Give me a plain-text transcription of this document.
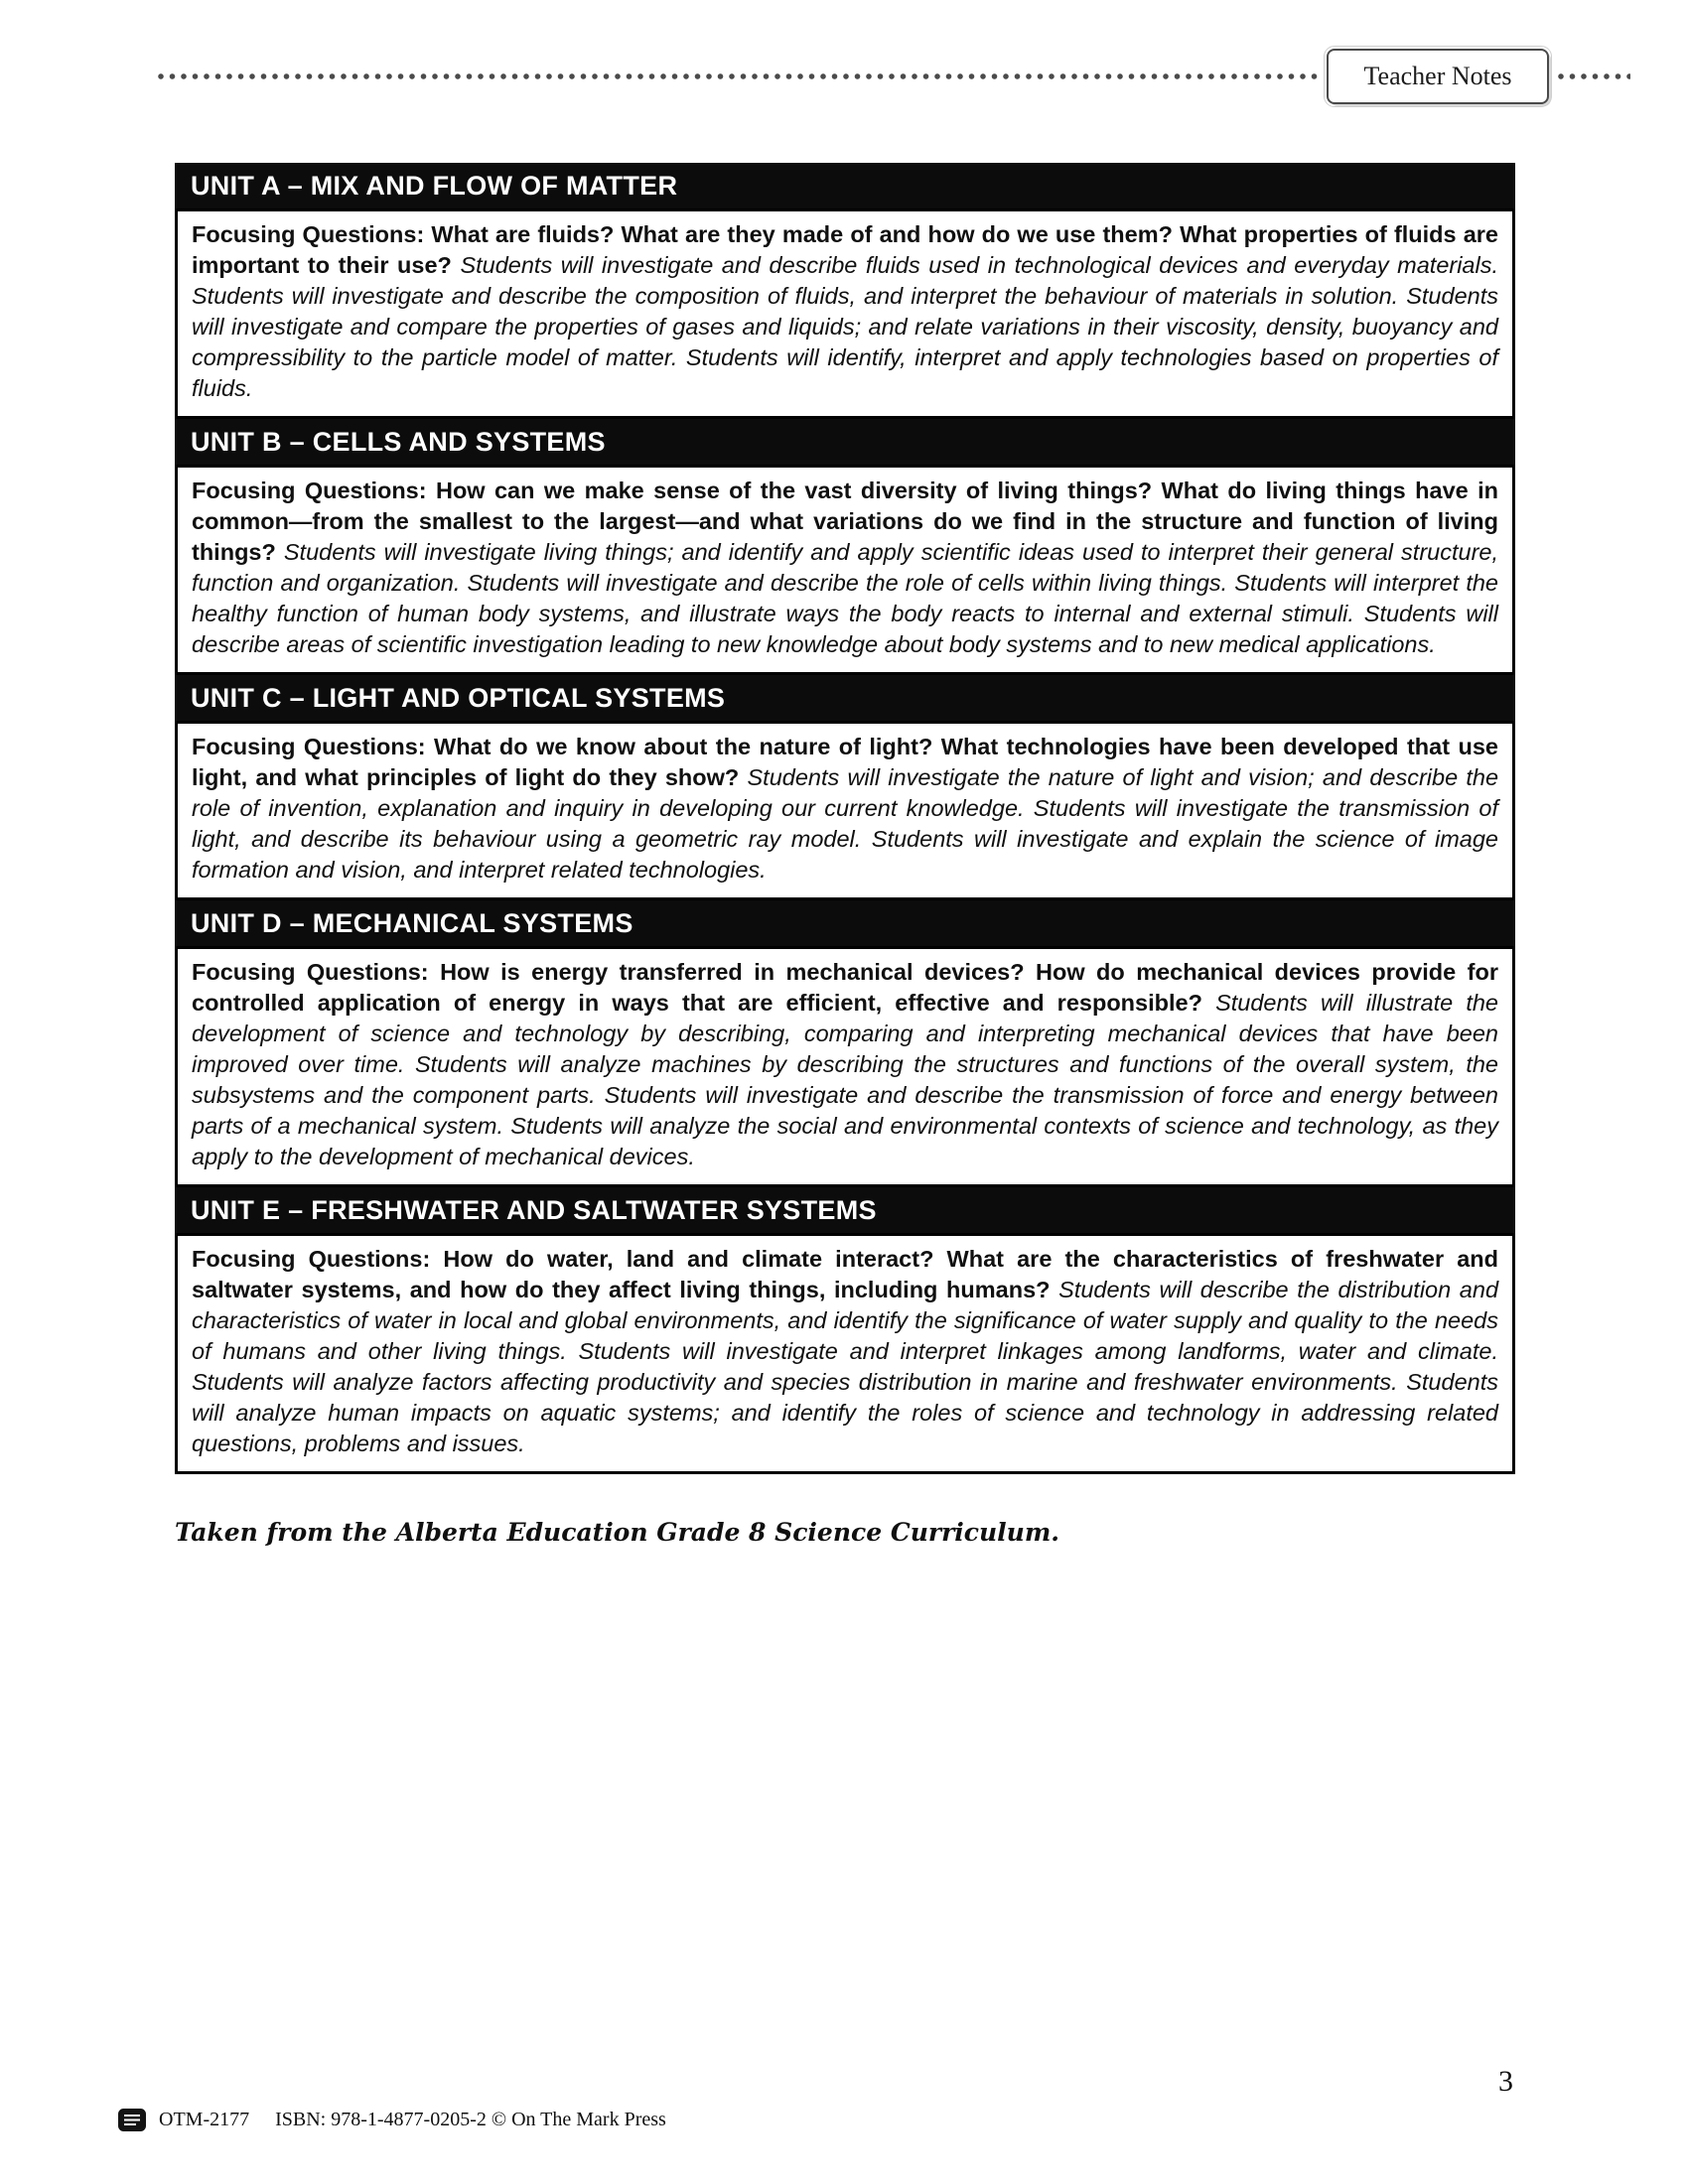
Teacher Notes
UNIT A – MIX AND FLOW OF MATTER
Focusing Questions: What are fluids? What are they made of and how do we use them? What properties of fluids are important to their use? Students will investigate and describe fluids used in technological devices and everyday materials. Students will investigate and describe the composition of fluids, and interpret the behaviour of materials in solution. Students will investigate and compare the properties of gases and liquids; and relate variations in their viscosity, density, buoyancy and compressibility to the particle model of matter. Students will identify, interpret and apply technologies based on properties of fluids.
UNIT B – CELLS AND SYSTEMS
Focusing Questions: How can we make sense of the vast diversity of living things? What do living things have in common—from the smallest to the largest—and what variations do we find in the structure and function of living things? Students will investigate living things; and identify and apply scientific ideas used to interpret their general structure, function and organization. Students will investigate and describe the role of cells within living things. Students will interpret the healthy function of human body systems, and illustrate ways the body reacts to internal and external stimuli. Students will describe areas of scientific investigation leading to new knowledge about body systems and to new medical applications.
UNIT C – LIGHT AND OPTICAL SYSTEMS
Focusing Questions: What do we know about the nature of light? What technologies have been developed that use light, and what principles of light do they show? Students will investigate the nature of light and vision; and describe the role of invention, explanation and inquiry in developing our current knowledge. Students will investigate the transmission of light, and describe its behaviour using a geometric ray model. Students will investigate and explain the science of image formation and vision, and interpret related technologies.
UNIT D – MECHANICAL SYSTEMS
Focusing Questions: How is energy transferred in mechanical devices? How do mechanical devices provide for controlled application of energy in ways that are efficient, effective and responsible? Students will illustrate the development of science and technology by describing, comparing and interpreting mechanical devices that have been improved over time. Students will analyze machines by describing the structures and functions of the overall system, the subsystems and the component parts. Students will investigate and describe the transmission of force and energy between parts of a mechanical system. Students will analyze the social and environmental contexts of science and technology, as they apply to the development of mechanical devices.
UNIT E – FRESHWATER AND SALTWATER SYSTEMS
Focusing Questions: How do water, land and climate interact? What are the characteristics of freshwater and saltwater systems, and how do they affect living things, including humans? Students will describe the distribution and characteristics of water in local and global environments, and identify the significance of water supply and quality to the needs of humans and other living things. Students will investigate and interpret linkages among landforms, water and climate. Students will analyze factors affecting productivity and species distribution in marine and freshwater environments. Students will analyze human impacts on aquatic systems; and identify the roles of science and technology in addressing related questions, problems and issues.
Taken from the Alberta Education Grade 8 Science Curriculum.
OTM-2177 ISBN: 978-1-4877-0205-2 © On The Mark Press
3
